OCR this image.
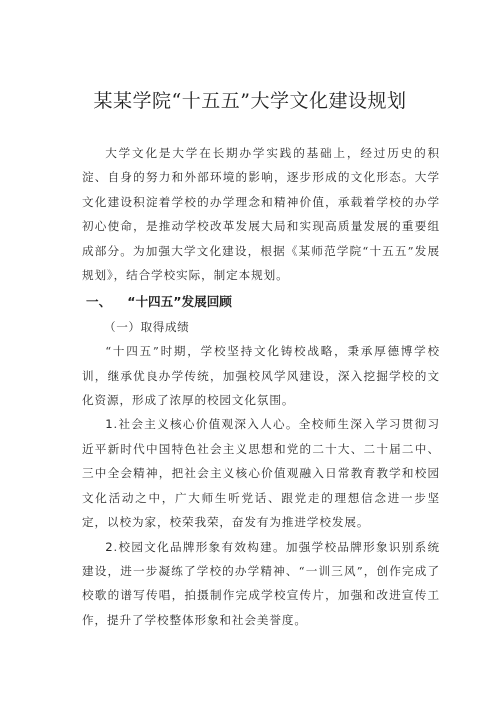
某某学院“十五五”大学文化建设规划

大学文化是大学在长期办学实践的基础上，经过历史的积淀、自身的努力和外部环境的影响，逐步形成的文化形态。大学文化建设积淀着学校的办学理念和精神价值，承载着学校的办学初心使命，是推动学校改革发展大局和实现高质量发展的重要组成部分。为加强大学文化建设，根据《某师范学院“十五五”发展规划》，结合学校实际，制定本规划。

一、 “十四五”发展回顾
（一）取得成绩

“十四五”时期，学校坚持文化铸校战略，秉承厚德博学校训，继承优良办学传统，加强校风学风建设，深入挖掘学校的文化资源，形成了浓厚的校园文化氛围。

1.社会主义核心价值观深入人心。全校师生深入学习贯彻习近平新时代中国特色社会主义思想和党的二十大、二十届二中、三中全会精神，把社会主义核心价值观融入日常教育教学和校园文化活动之中，广大师生听党话、跟党走的理想信念进一步坚定，以校为家，校荣我荣，奋发有为推进学校发展。

2.校园文化品牌形象有效构建。加强学校品牌形象识别系统建设，进一步凝练了学校的办学精神、“一训三风”，创作完成了校歌的谱写传唱，拍摄制作完成学校宣传片，加强和改进宣传工作，提升了学校整体形象和社会美誉度。
